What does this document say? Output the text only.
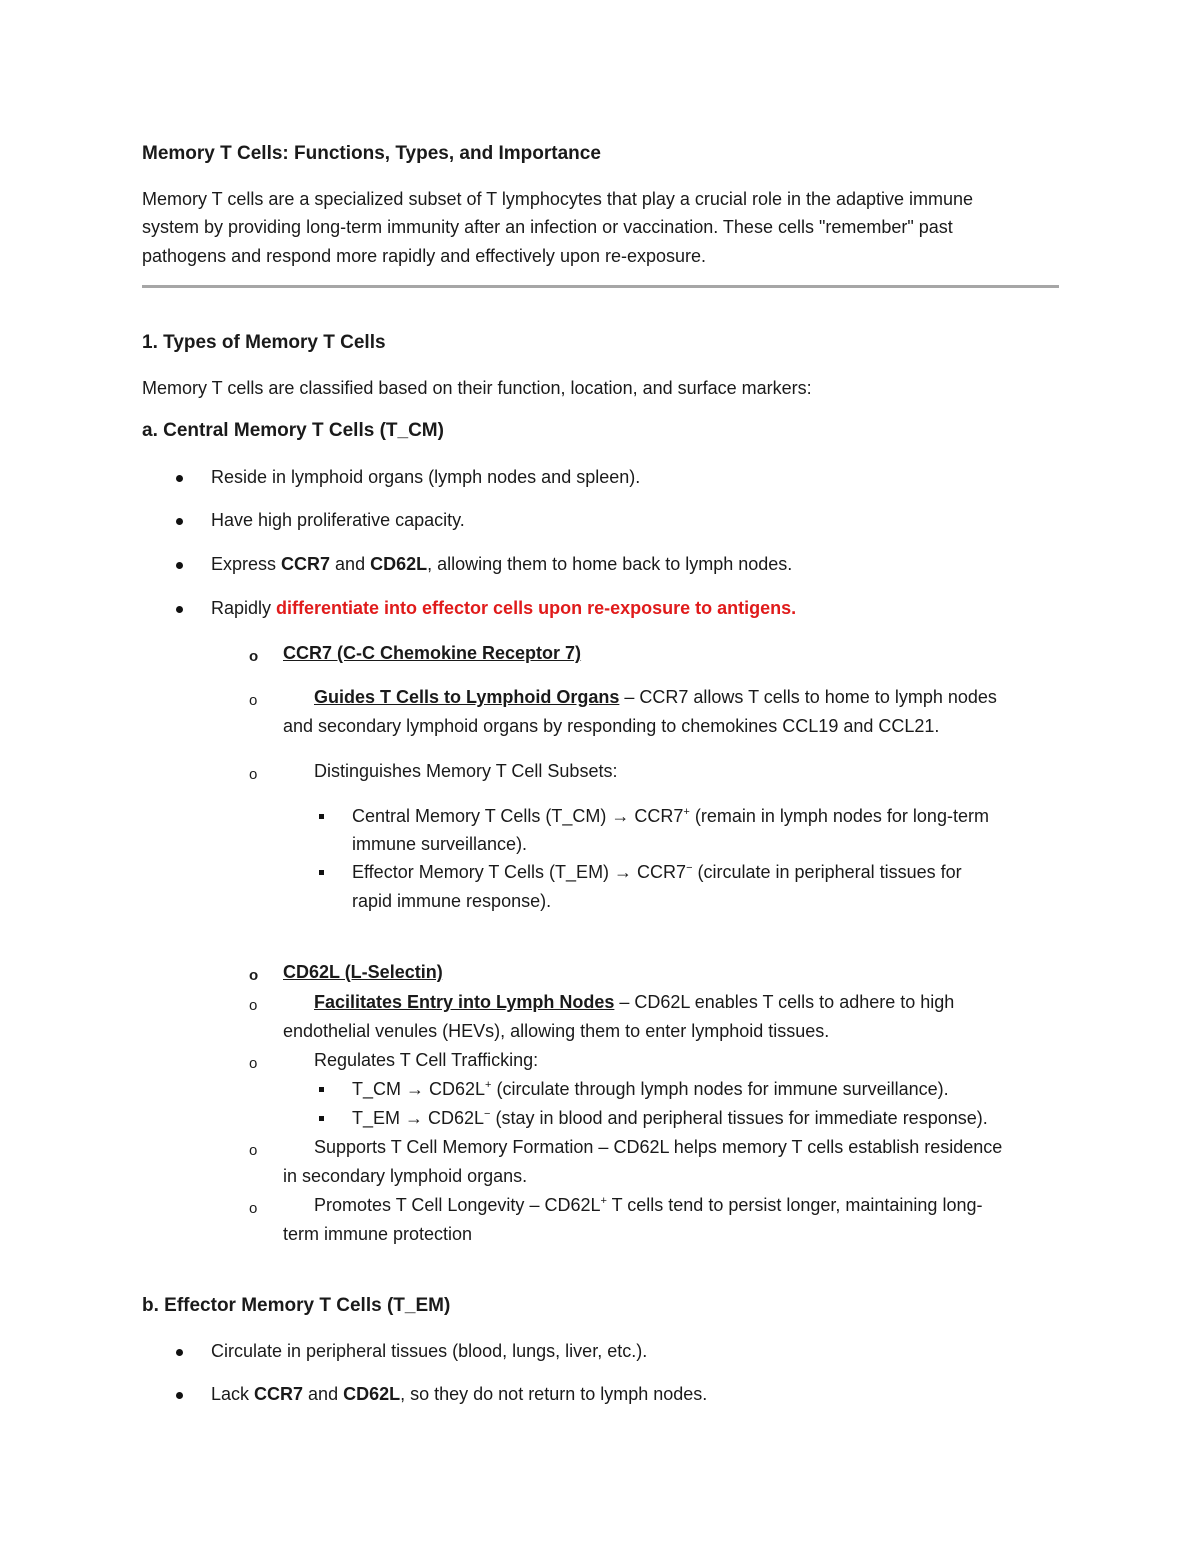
Memory T Cells: Functions, Types, and Importance
Memory T cells are a specialized subset of T lymphocytes that play a crucial role in the adaptive immune
system by providing long-term immunity after an infection or vaccination. These cells "remember" past
pathogens and respond more rapidly and effectively upon re-exposure.
1. Types of Memory T Cells
Memory T cells are classified based on their function, location, and surface markers:
a. Central Memory T Cells (T_CM)
Reside in lymphoid organs (lymph nodes and spleen).
Have high proliferative capacity.
Express CCR7 and CD62L, allowing them to home back to lymph nodes.
Rapidly differentiate into effector cells upon re-exposure to antigens.
o CCR7 (C-C Chemokine Receptor 7)
o	Guides T Cells to Lymphoid Organs – CCR7 allows T cells to home to lymph nodes
and secondary lymphoid organs by responding to chemokines CCL19 and CCL21.
o	Distinguishes Memory T Cell Subsets:
Central Memory T Cells (T_CM) → CCR7+ (remain in lymph nodes for long-term
immune surveillance).
Effector Memory T Cells (T_EM) → CCR7− (circulate in peripheral tissues for
rapid immune response).
o CD62L (L-Selectin)
o	Facilitates Entry into Lymph Nodes – CD62L enables T cells to adhere to high
endothelial venules (HEVs), allowing them to enter lymphoid tissues.
o	Regulates T Cell Trafficking:
T_CM → CD62L+ (circulate through lymph nodes for immune surveillance).
T_EM → CD62L− (stay in blood and peripheral tissues for immediate response).
o	Supports T Cell Memory Formation – CD62L helps memory T cells establish residence
in secondary lymphoid organs.
o	Promotes T Cell Longevity – CD62L+ T cells tend to persist longer, maintaining long-
term immune protection
b. Effector Memory T Cells (T_EM)
Circulate in peripheral tissues (blood, lungs, liver, etc.).
Lack CCR7 and CD62L, so they do not return to lymph nodes.
